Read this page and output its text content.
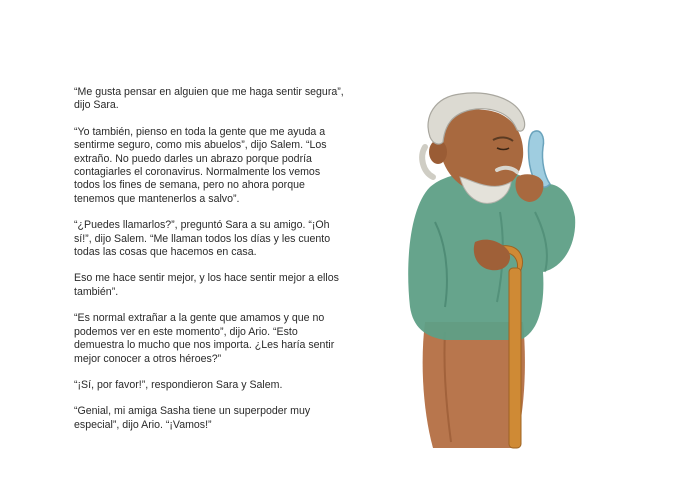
“Me gusta pensar en alguien que me haga sentir segura”, dijo Sara.

“Yo también, pienso en toda la gente que me ayuda a sentirme seguro, como mis abuelos”, dijo Salem. “Los extraño. No puedo darles un abrazo porque podría contagiarles el coronavirus. Normalmente los vemos todos los fines de semana, pero no ahora porque tenemos que mantenerlos a salvo”.

“¿Puedes llamarlos?”, preguntó Sara a su amigo. “¡Oh sí!”, dijo Salem. “Me llaman todos los días y les cuento todas las cosas que hacemos en casa.

Eso me hace sentir mejor, y los hace sentir mejor a ellos también”.

“Es normal extrañar a la gente que amamos y que no podemos ver en este momento”, dijo Ario. “Esto demuestra lo mucho que nos importa. ¿Les haría sentir mejor conocer a otros héroes?”

“¡Sí, por favor!”, respondieron Sara y Salem.

“Genial, mi amiga Sasha tiene un superpoder muy especial”, dijo Ario. “¡Vamos!”
